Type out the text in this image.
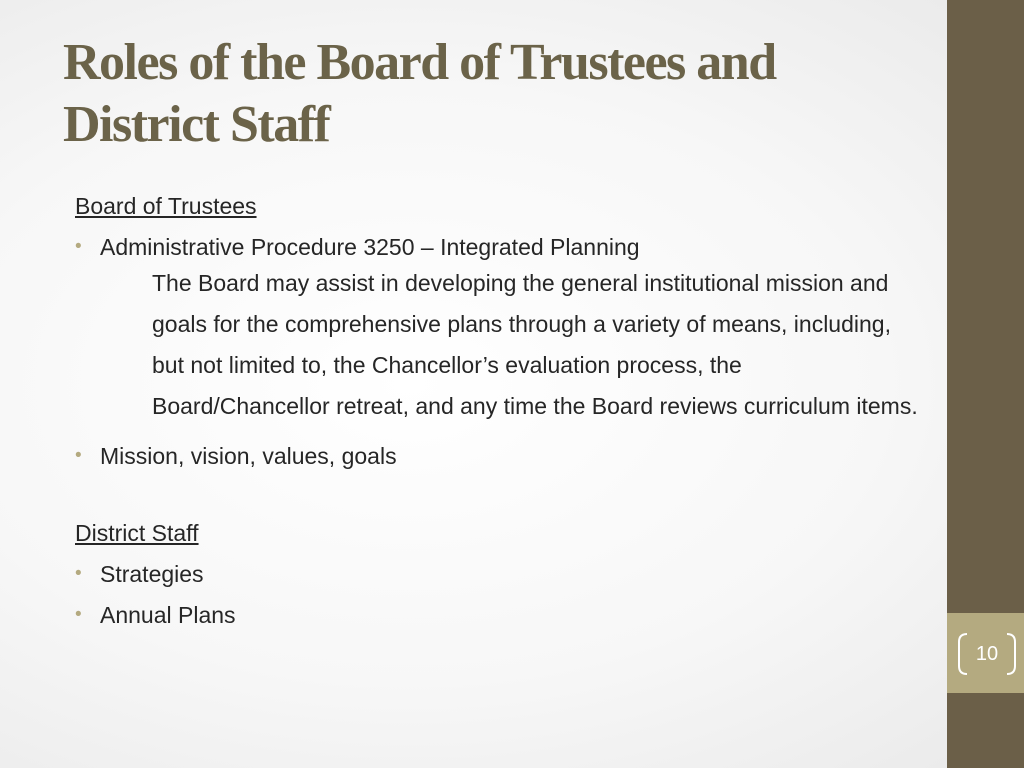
10
Roles of the Board of Trustees and District Staff
Board of Trustees
• Administrative Procedure 3250 – Integrated Planning

The Board may assist in developing the general institutional mission and goals for the comprehensive plans through a variety of means, including, but not limited to, the Chancellor’s evaluation process, the Board/Chancellor retreat, and any time the Board reviews curriculum items.

• Mission, vision, values, goals
District Staff
• Strategies
• Annual Plans
